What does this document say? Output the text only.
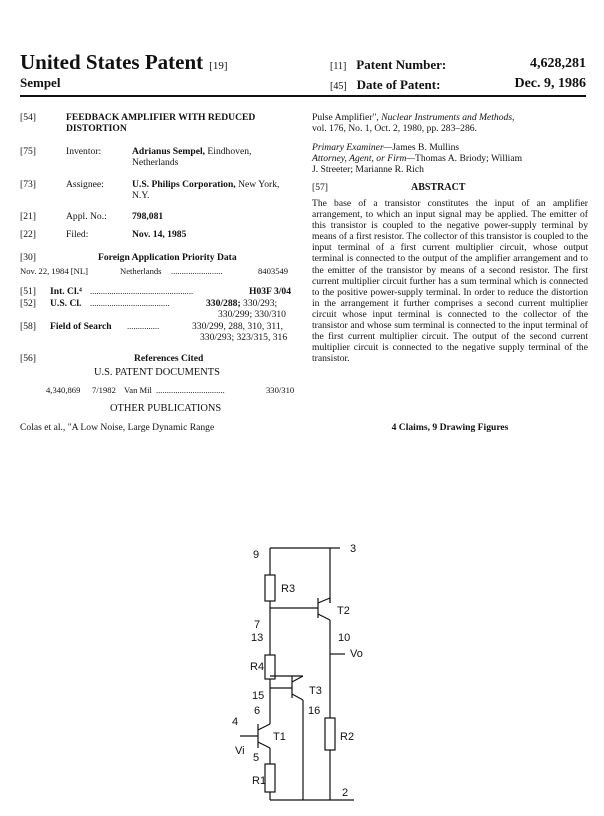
United States Patent [19]
Sempel
[11] Patent Number:	4,628,281
[45] Date of Patent:	Dec. 9, 1986
[54]	FEEDBACK AMPLIFIER WITH REDUCED
DISTORTION
[75]	Inventor:	Adrianus Sempel, Eindhoven,
Netherlands
[73]	Assignee:	U.S. Philips Corporation, New York,
N.Y.
[21]	Appl. No.:	798,081
[22]	Filed:	Nov. 14, 1985
[30]	Foreign Application Priority Data
Nov. 22, 1984 [NL]	Netherlands ........................	8403549
[51] Int. Cl.⁴ ................................................	H03F 3/04
[52] U.S. Cl. .....................................	330/288; 330/293;
330/299; 330/310
[58] Field of Search ...............	330/299, 288, 310, 311,
330/293; 323/315, 316
[56]	References Cited
U.S. PATENT DOCUMENTS
4,340,869 7/1982 Van Mil ................................	330/310
OTHER PUBLICATIONS
Colas et al., "A Low Noise, Large Dynamic Range
Pulse Amplifier", Nuclear Instruments and Methods,
vol. 176, No. 1, Oct. 2, 1980, pp. 283–286.
Primary Examiner—James B. Mullins
Attorney, Agent, or Firm—Thomas A. Briody; William
J. Streeter; Marianne R. Rich
[57]	ABSTRACT
The base of a transistor constitutes the input of an amplifier arrangement, to which an input signal may be applied. The emitter of this transistor is coupled to the negative power-supply terminal by means of a first resistor. The collector of this transistor is coupled to the input terminal of a first current multiplier circuit, whose output terminal is connected to the output of the amplifier arrangement and to the emitter of the transistor by means of a second resistor. The first current multiplier circuit further has a sum terminal which is connected to the positive power-supply terminal. In order to reduce the distortion in the arrangement it further comprises a second current multiplier circuit whose input terminal is connected to the collector of the transistor and whose sum terminal is connected to the input terminal of the first current multiplier circuit. The output of the second current multiplier circuit is connected to the negative supply terminal of the transistor.
4 Claims, 9 Drawing Figures
9	3
R3
T2
7
13	10
Vo
R4
15	T3
6	16
4
T1
Vi
R2
5
R1
2
